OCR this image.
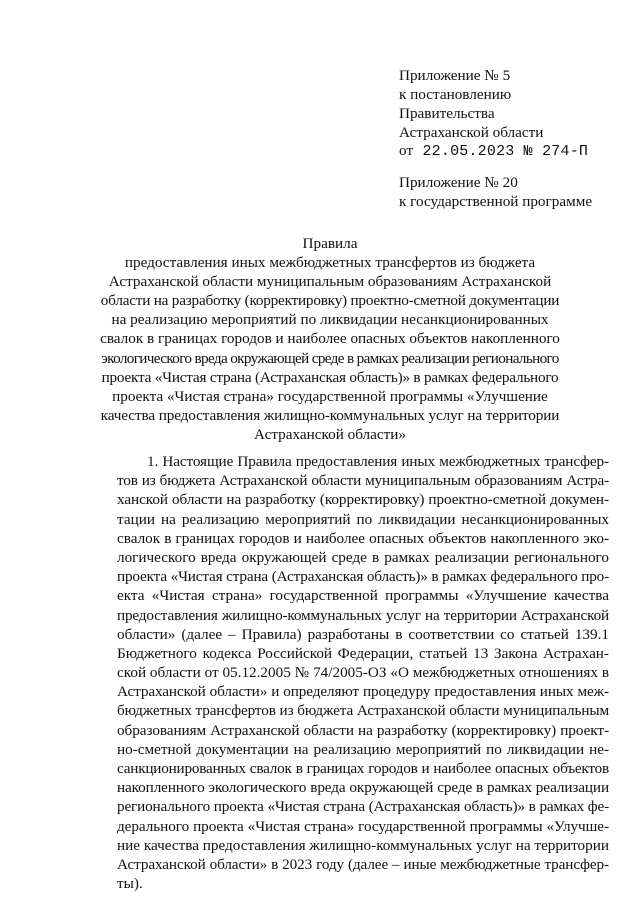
Приложение № 5
к постановлению
Правительства
Астраханской области
от 22.05.2023 № 274-П
Приложение № 20
к государственной программе
Правила
предоставления иных межбюджетных трансфертов из бюджета
Астраханской области муниципальным образованиям Астраханской
области на разработку (корректировку) проектно-сметной документации
на реализацию мероприятий по ликвидации несанкционированных
свалок в границах городов и наиболее опасных объектов накопленного
экологического вреда окружающей среде в рамках реализации регионального
проекта «Чистая страна (Астраханская область)» в рамках федерального
проекта «Чистая страна» государственной программы «Улучшение
качества предоставления жилищно-коммунальных услуг на территории
Астраханской области»
1. Настоящие Правила предоставления иных межбюджетных трансфер-
тов из бюджета Астраханской области муниципальным образованиям Астра-
ханской области на разработку (корректировку) проектно-сметной докумен-
тации на реализацию мероприятий по ликвидации несанкционированных
свалок в границах городов и наиболее опасных объектов накопленного эко-
логического вреда окружающей среде в рамках реализации регионального
проекта «Чистая страна (Астраханская область)» в рамках федерального про-
екта «Чистая страна» государственной программы «Улучшение качества
предоставления жилищно-коммунальных услуг на территории Астраханской
области» (далее – Правила) разработаны в соответствии со статьей 139.1
Бюджетного кодекса Российской Федерации, статьей 13 Закона Астрахан-
ской области от 05.12.2005 № 74/2005-ОЗ «О межбюджетных отношениях в
Астраханской области» и определяют процедуру предоставления иных меж-
бюджетных трансфертов из бюджета Астраханской области муниципальным
образованиям Астраханской области на разработку (корректировку) проект-
но-сметной документации на реализацию мероприятий по ликвидации не-
санкционированных свалок в границах городов и наиболее опасных объектов
накопленного экологического вреда окружающей среде в рамках реализации
регионального проекта «Чистая страна (Астраханская область)» в рамках фе-
дерального проекта «Чистая страна» государственной программы «Улучше-
ние качества предоставления жилищно-коммунальных услуг на территории
Астраханской области» в 2023 году (далее – иные межбюджетные трансфер-
ты).
